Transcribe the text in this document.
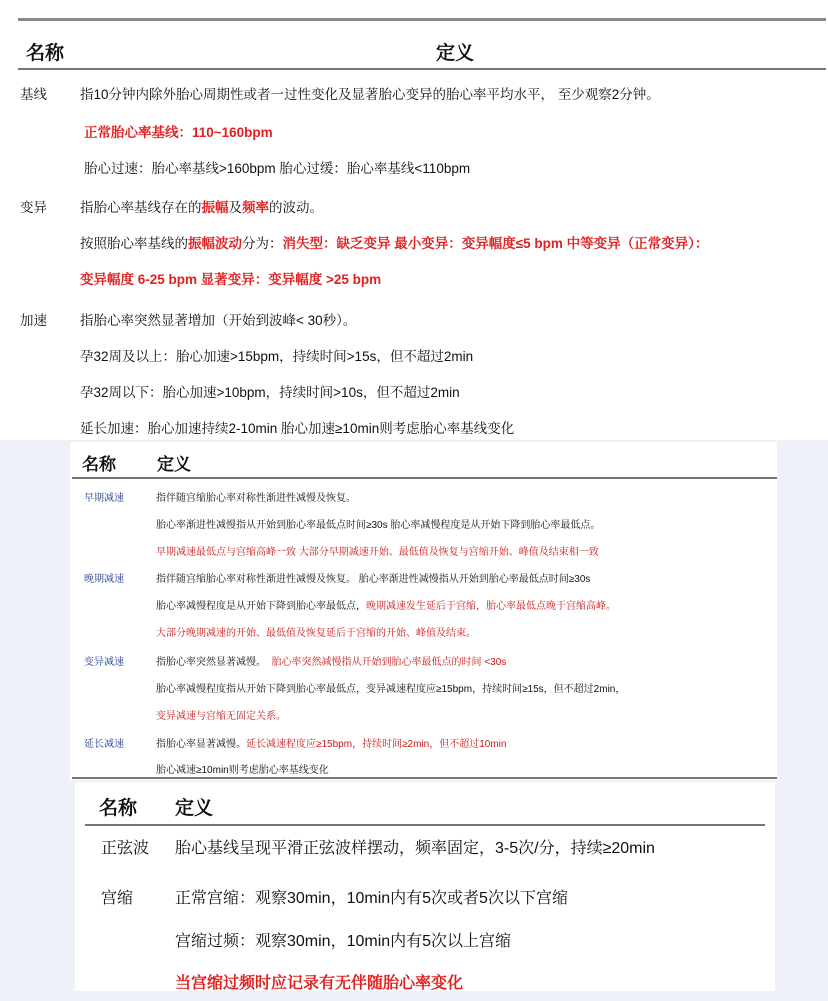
名称	定义
基线 指10分钟内除外胎心周期性或者一过性变化及显著胎心变异的胎心率平均水平， 至少观察2分钟。
正常胎心率基线：110~160bpm
胎心过速：胎心率基线>160bpm 胎心过缓：胎心率基线<110bpm
变异 指胎心率基线存在的振幅及频率的波动。
按照胎心率基线的振幅波动分为：消失型：缺乏变异 最小变异：变异幅度≤5 bpm 中等变异（正常变异）：
变异幅度 6-25 bpm 显著变异：变异幅度 >25 bpm
加速 指胎心率突然显著增加（开始到波峰< 30秒）。
孕32周及以上：胎心加速>15bpm，持续时间>15s，但不超过2min
孕32周以下：胎心加速>10bpm，持续时间>10s，但不超过2min
延长加速：胎心加速持续2-10min 胎心加速≥10min则考虑胎心率基线变化
名称 定义
早期减速	指伴随宫缩胎心率对称性渐进性减慢及恢复。
胎心率渐进性减慢指从开始到胎心率最低点时间≥30s 胎心率减慢程度是从开始下降到胎心率最低点。
早期减速最低点与宫缩高峰一致 大部分早期减速开始、最低值及恢复与宫缩开始、峰值及结束相一致
晚期减速	指伴随宫缩胎心率对称性渐进性减慢及恢复。 胎心率渐进性减慢指从开始到胎心率最低点时间≥30s
胎心率减慢程度是从开始下降到胎心率最低点，晚期减速发生延后于宫缩，胎心率最低点晚于宫缩高峰。
大部分晚期减速的开始、最低值及恢复延后于宫缩的开始、峰值及结束。
变异减速	指胎心率突然显著减慢。 胎心率突然减慢指从开始到胎心率最低点的时间 <30s
胎心率减慢程度指从开始下降到胎心率最低点，变异减速程度应≥15bpm，持续时间≥15s，但不超过2min，
变异减速与宫缩无固定关系。
延长减速	指胎心率显著减慢。延长减速程度应≥15bpm，持续时间≥2min，但不超过10min
胎心减速≥10min则考虑胎心率基线变化
名称 定义
正弦波 胎心基线呈现平滑正弦波样摆动，频率固定，3-5次/分，持续≥20min
宫缩	正常宫缩：观察30min，10min内有5次或者5次以下宫缩
宫缩过频：观察30min，10min内有5次以上宫缩
当宫缩过频时应记录有无伴随胎心率变化
